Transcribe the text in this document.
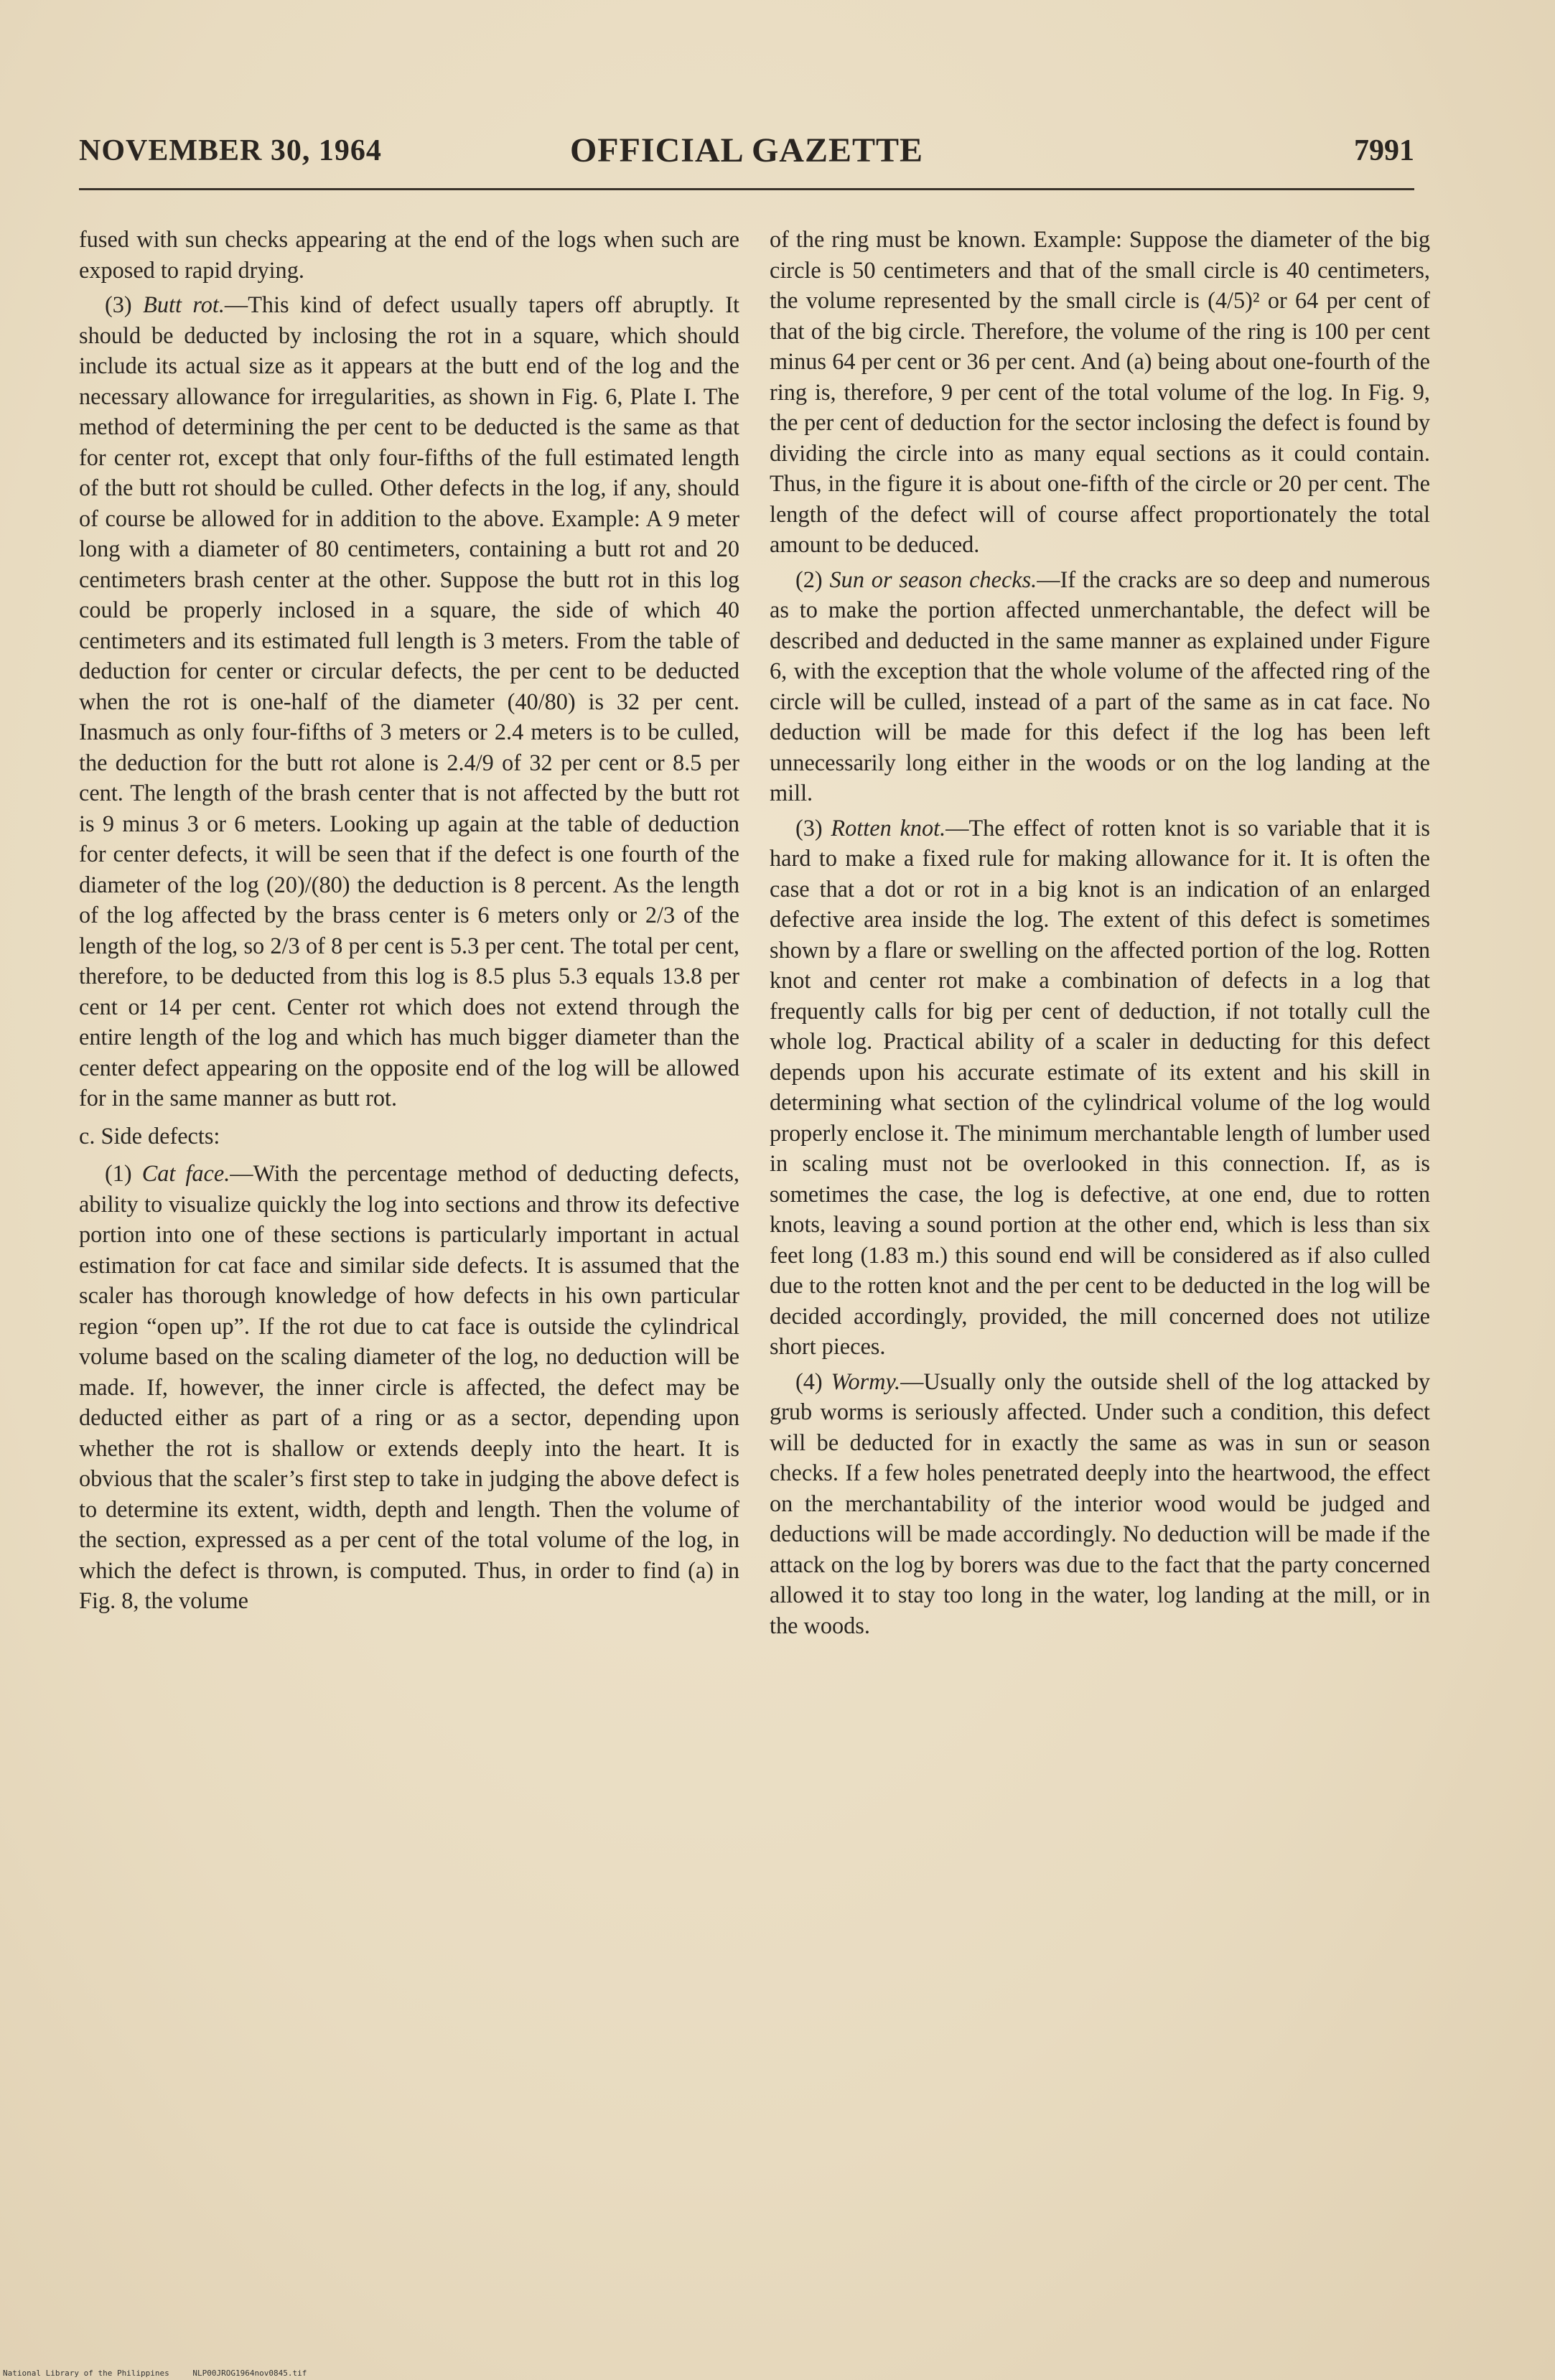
NOVEMBER 30, 1964	OFFICIAL GAZETTE	7991

fused with sun checks appearing at the end of the logs when such are exposed to rapid drying.

(3) Butt rot.—This kind of defect usually tapers off abruptly. It should be deducted by inclosing the rot in a square, which should include its actual size as it appears at the butt end of the log and the necessary allowance for irregularities, as shown in Fig. 6, Plate I. The method of determining the per cent to be deducted is the same as that for center rot, except that only four-fifths of the full estimated length of the butt rot should be culled. Other defects in the log, if any, should of course be allowed for in addition to the above. Example: A 9 meter long with a diameter of 80 centimeters, containing a butt rot and 20 centimeters brash center at the other. Suppose the butt rot in this log could be properly inclosed in a square, the side of which 40 centimeters and its estimated full length is 3 meters. From the table of deduction for center or circular defects, the per cent to be deducted when the rot is one-half of the diameter (40/80) is 32 per cent. Inasmuch as only four-fifths of 3 meters or 2.4 meters is to be culled, the deduction for the butt rot alone is 2.4/9 of 32 per cent or 8.5 per cent. The length of the brash center that is not affected by the butt rot is 9 minus 3 or 6 meters. Looking up again at the table of deduction for center defects, it will be seen that if the defect is one fourth of the diameter of the log (20)/(80) the deduction is 8 percent. As the length of the log affected by the brass center is 6 meters only or 2/3 of the length of the log, so 2/3 of 8 per cent is 5.3 per cent. The total per cent, therefore, to be deducted from this log is 8.5 plus 5.3 equals 13.8 per cent or 14 per cent. Center rot which does not extend through the entire length of the log and which has much bigger diameter than the center defect appearing on the opposite end of the log will be allowed for in the same manner as butt rot.

c. Side defects:

(1) Cat face.—With the percentage method of deducting defects, ability to visualize quickly the log into sections and throw its defective portion into one of these sections is particularly important in actual estimation for cat face and similar side defects. It is assumed that the scaler has thorough knowledge of how defects in his own particular region “open up”. If the rot due to cat face is outside the cylindrical volume based on the scaling diameter of the log, no deduction will be made. If, however, the inner circle is affected, the defect may be deducted either as part of a ring or as a sector, depending upon whether the rot is shallow or extends deeply into the heart. It is obvious that the scaler’s first step to take in judging the above defect is to determine its extent, width, depth and length. Then the volume of the section, expressed as a per cent of the total volume of the log, in which the defect is thrown, is computed. Thus, in order to find (a) in Fig. 8, the volume

of the ring must be known. Example: Suppose the diameter of the big circle is 50 centimeters and that of the small circle is 40 centimeters, the volume represented by the small circle is (4/5)² or 64 per cent of that of the big circle. Therefore, the volume of the ring is 100 per cent minus 64 per cent or 36 per cent. And (a) being about one-fourth of the ring is, therefore, 9 per cent of the total volume of the log. In Fig. 9, the per cent of deduction for the sector inclosing the defect is found by dividing the circle into as many equal sections as it could contain. Thus, in the figure it is about one-fifth of the circle or 20 per cent. The length of the defect will of course affect proportionately the total amount to be deduced.

(2) Sun or season checks.—If the cracks are so deep and numerous as to make the portion affected unmerchantable, the defect will be described and deducted in the same manner as explained under Figure 6, with the exception that the whole volume of the affected ring of the circle will be culled, instead of a part of the same as in cat face. No deduction will be made for this defect if the log has been left unnecessarily long either in the woods or on the log landing at the mill.

(3) Rotten knot.—The effect of rotten knot is so variable that it is hard to make a fixed rule for making allowance for it. It is often the case that a dot or rot in a big knot is an indication of an enlarged defective area inside the log. The extent of this defect is sometimes shown by a flare or swelling on the affected portion of the log. Rotten knot and center rot make a combination of defects in a log that frequently calls for big per cent of deduction, if not totally cull the whole log. Practical ability of a scaler in deducting for this defect depends upon his accurate estimate of its extent and his skill in determining what section of the cylindrical volume of the log would properly enclose it. The minimum merchantable length of lumber used in scaling must not be overlooked in this connection. If, as is sometimes the case, the log is defective, at one end, due to rotten knots, leaving a sound portion at the other end, which is less than six feet long (1.83 m.) this sound end will be considered as if also culled due to the rotten knot and the per cent to be deducted in the log will be decided accordingly, provided, the mill concerned does not utilize short pieces.

(4) Wormy.—Usually only the outside shell of the log attacked by grub worms is seriously affected. Under such a condition, this defect will be deducted for in exactly the same as was in sun or season checks. If a few holes penetrated deeply into the heartwood, the effect on the merchantability of the interior wood would be judged and deductions will be made accordingly. No deduction will be made if the attack on the log by borers was due to the fact that the party concerned allowed it to stay too long in the water, log landing at the mill, or in the woods.

National Library of the Philippines	NLP00JROG1964nov0845.tif
